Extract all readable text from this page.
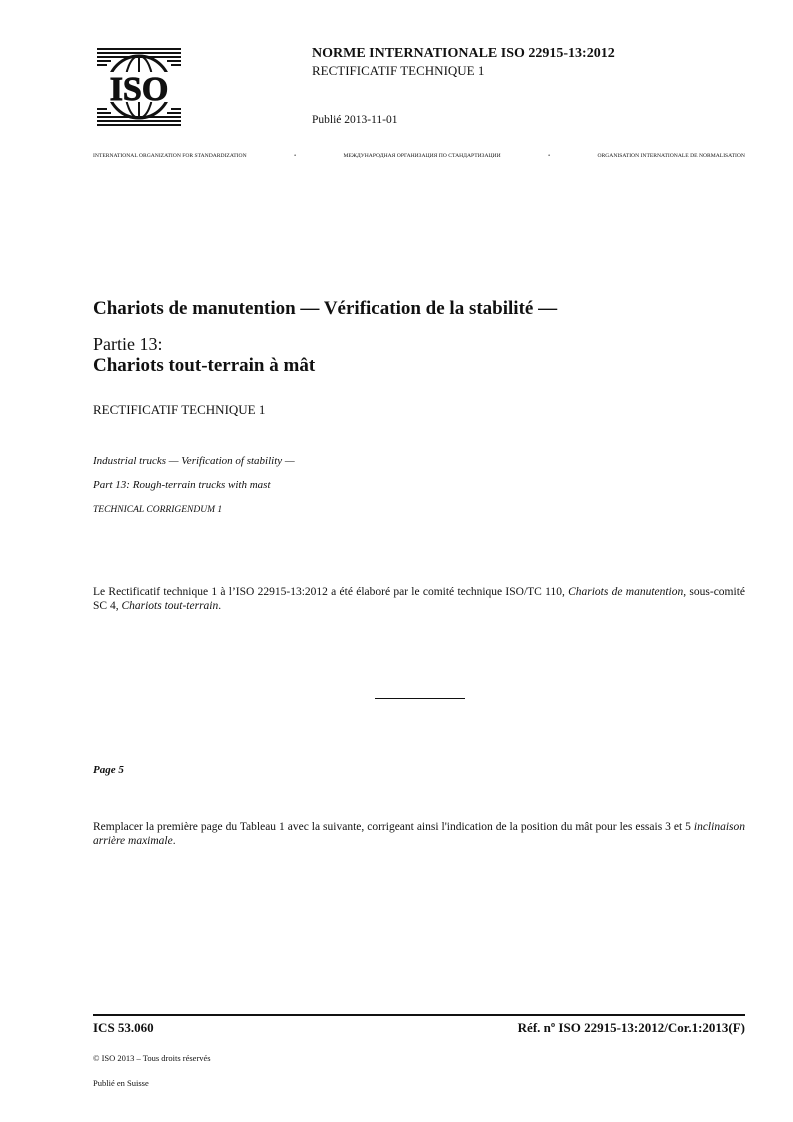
ISO
NORME INTERNATIONALE ISO 22915-13:2012
RECTIFICATIF TECHNIQUE 1
Publié 2013-11-01
INTERNATIONAL ORGANIZATION FOR STANDARDIZATION	•	МЕЖДУНАРОДНАЯ ОРГАНИЗАЦИЯ ПО СТАНДАРТИЗАЦИИ	•	ORGANISATION INTERNATIONALE DE NORMALISATION
Chariots de manutention — Vérification de la stabilité —
Partie 13:
Chariots tout-terrain à mât
RECTIFICATIF TECHNIQUE 1
Industrial trucks — Verification of stability —
Part 13: Rough-terrain trucks with mast
TECHNICAL CORRIGENDUM 1
Le Rectificatif technique 1 à l’ISO 22915-13:2012 a été élaboré par le comité technique ISO/TC 110, Chariots de manutention, sous-comité SC 4, Chariots tout-terrain.
Page 5
Remplacer la première page du Tableau 1 avec la suivante, corrigeant ainsi l'indication de la position du mât pour les essais 3 et 5 inclinaison arrière maximale.
ICS 53.060	Réf. nº ISO 22915-13:2012/Cor.1:2013(F)
© ISO 2013 – Tous droits réservés
Publié en Suisse
